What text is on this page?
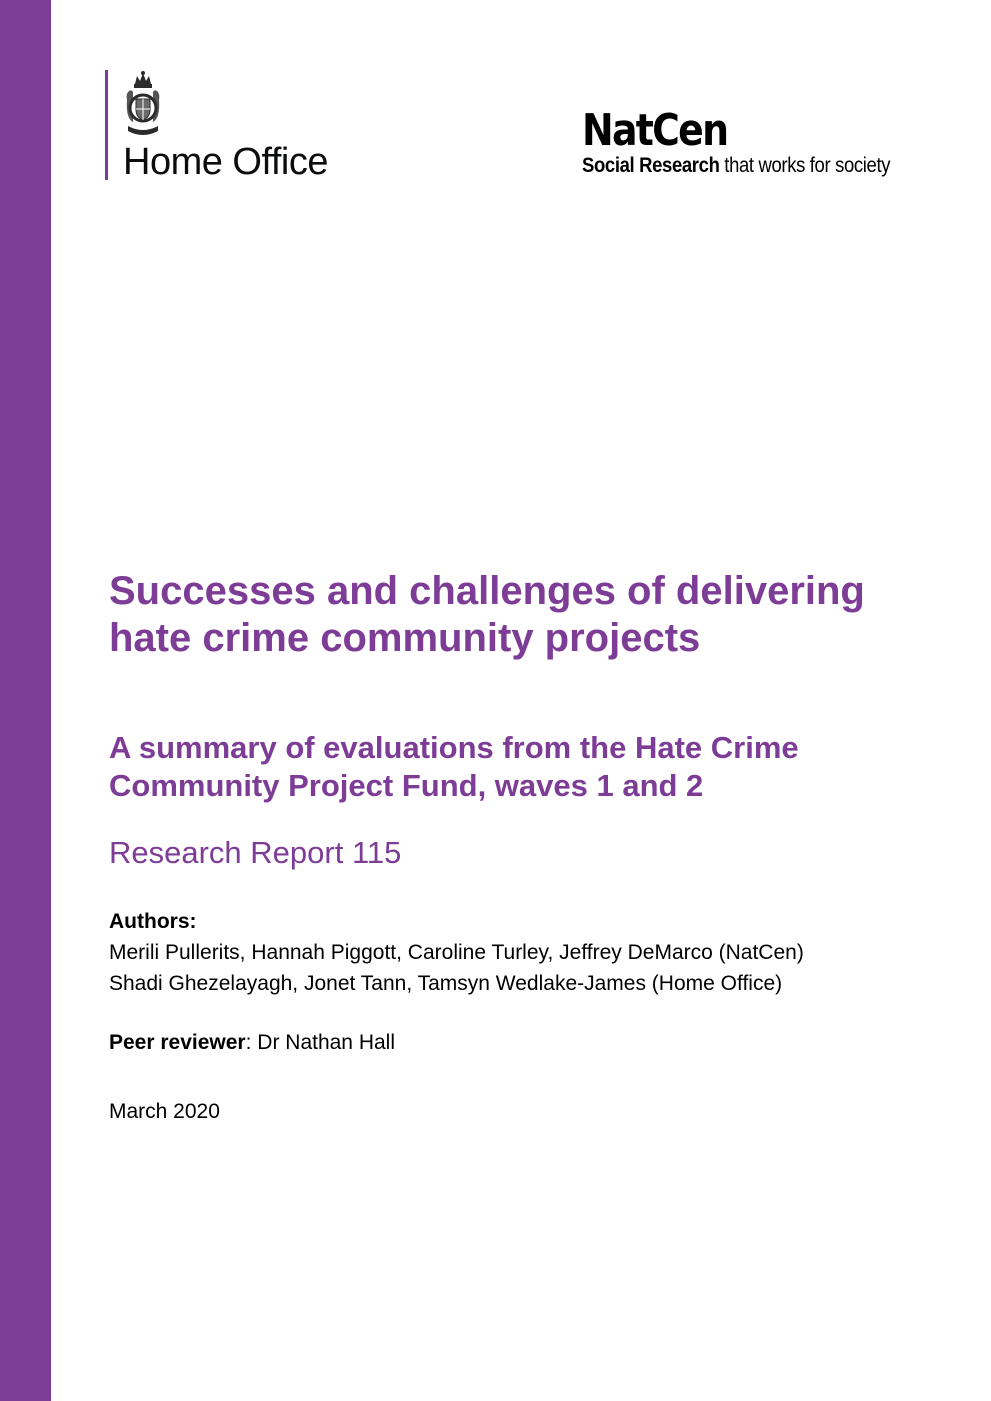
Home Office
NatCen
Social Research that works for society
Successes and challenges of delivering hate crime community projects
A summary of evaluations from the Hate Crime Community Project Fund, waves 1 and 2
Research Report 115
Authors:
Merili Pullerits, Hannah Piggott, Caroline Turley, Jeffrey DeMarco (NatCen)
Shadi Ghezelayagh, Jonet Tann, Tamsyn Wedlake-James (Home Office)
Peer reviewer: Dr Nathan Hall
March 2020
